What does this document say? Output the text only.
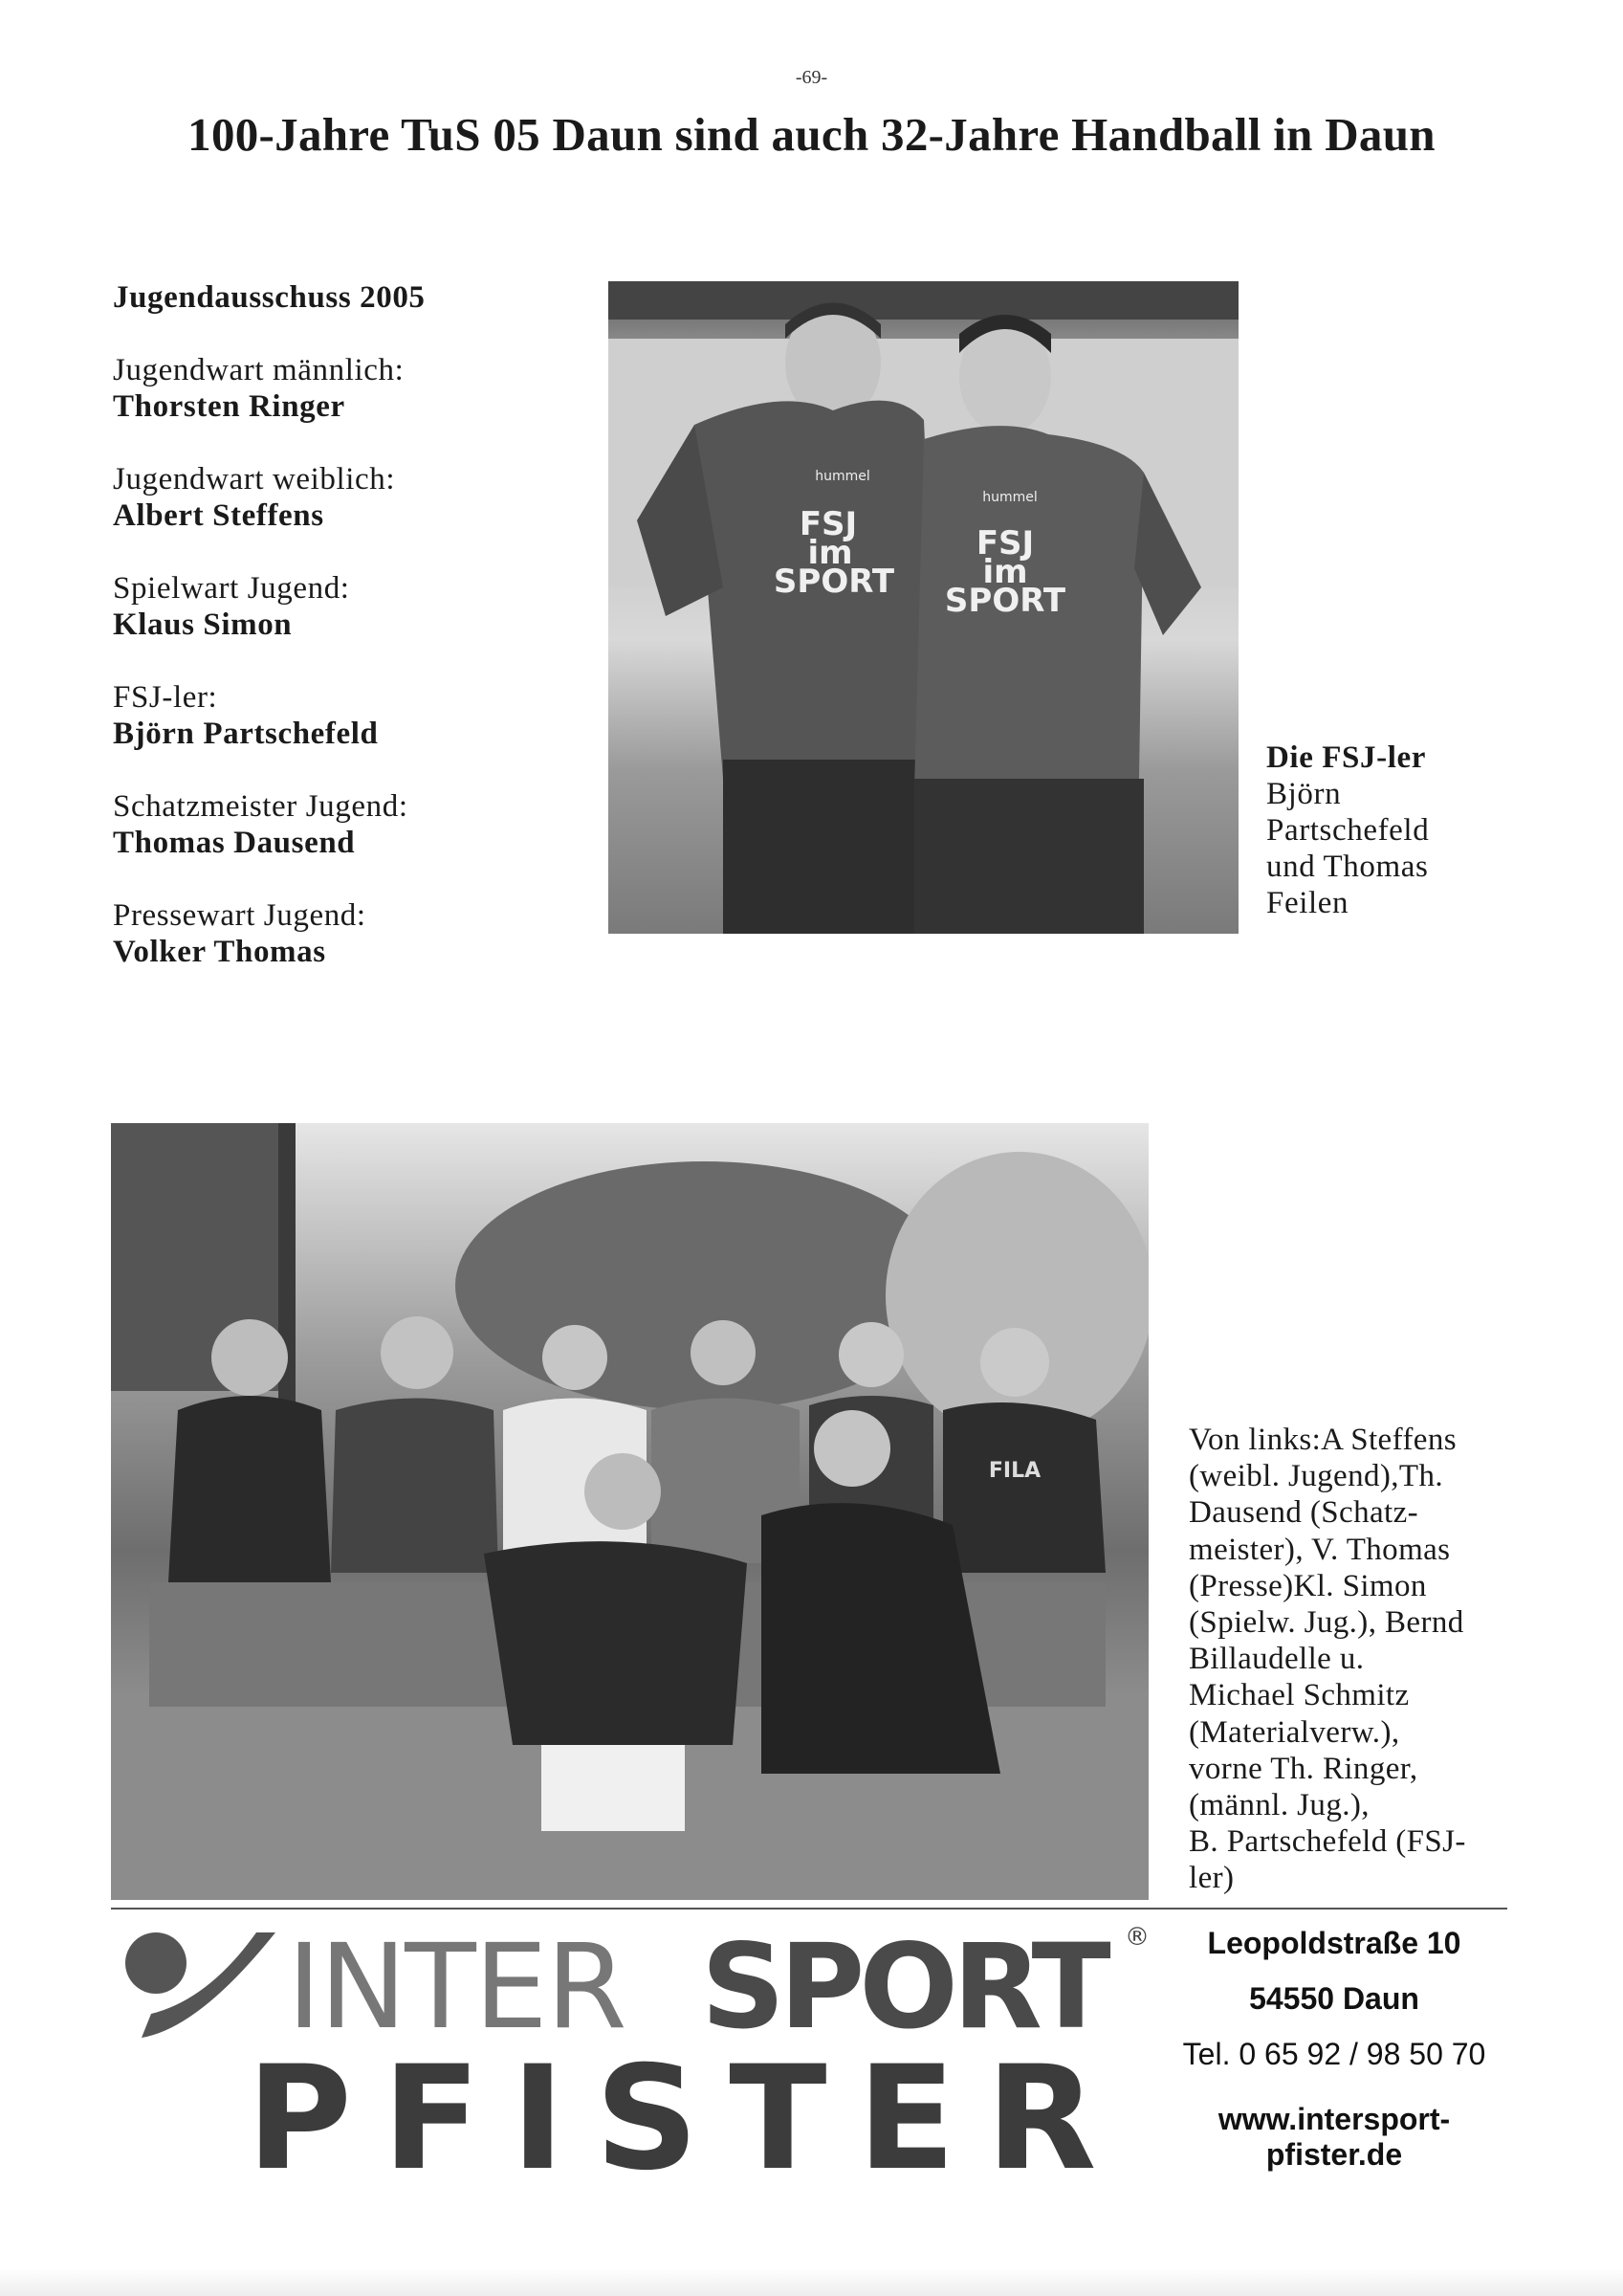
-69-
100-Jahre TuS 05 Daun sind auch 32-Jahre Handball in Daun
Jugendausschuss 2005
Jugendwart männlich:
Thorsten Ringer
Jugendwart weiblich:
Albert Steffens
Spielwart Jugend:
Klaus Simon
FSJ-ler:
Björn Partschefeld
Schatzmeister Jugend:
Thomas Dausend
Pressewart Jugend:
Volker Thomas
FSJ
im
SPORT
hummel
FSJ
im
SPORT
hummel
Die FSJ-ler
Björn
Partschefeld
und Thomas
Feilen
FILA
Von links:A Steffens
(weibl. Jugend),Th.
Dausend (Schatz-
meister), V. Thomas
(Presse)Kl. Simon
(Spielw. Jug.), Bernd
Billaudelle u.
Michael Schmitz
(Materialverw.),
vorne Th. Ringer,
(männl. Jug.),
B. Partschefeld (FSJ-
ler)
INTER SPORT ®
PFISTER
Leopoldstraße 10
54550 Daun
Tel. 0 65 92 / 98 50 70
www.intersport-
pfister.de
